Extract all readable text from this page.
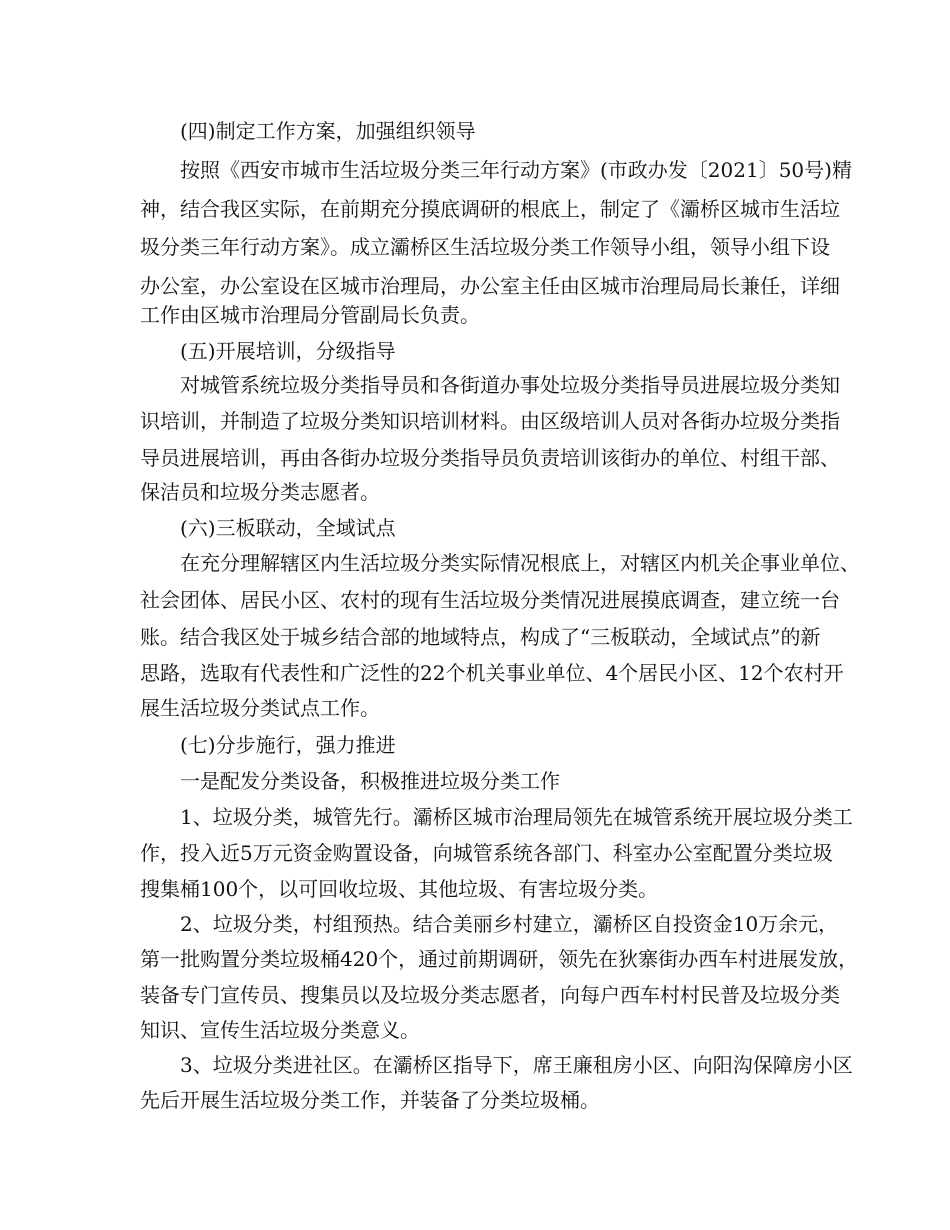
(四)制定工作方案，加强组织领导
按照《西安市城市生活垃圾分类三年行动方案》(市政办发〔2021〕50号)精
神，结合我区实际，在前期充分摸底调研的根底上，制定了《灞桥区城市生活垃
圾分类三年行动方案》。成立灞桥区生活垃圾分类工作领导小组，领导小组下设
办公室，办公室设在区城市治理局，办公室主任由区城市治理局局长兼任，详细
工作由区城市治理局分管副局长负责。
(五)开展培训，分级指导
对城管系统垃圾分类指导员和各街道办事处垃圾分类指导员进展垃圾分类知
识培训，并制造了垃圾分类知识培训材料。由区级培训人员对各街办垃圾分类指
导员进展培训，再由各街办垃圾分类指导员负责培训该街办的单位、村组干部、
保洁员和垃圾分类志愿者。
(六)三板联动，全域试点
在充分理解辖区内生活垃圾分类实际情况根底上，对辖区内机关企事业单位、
社会团体、居民小区、农村的现有生活垃圾分类情况进展摸底调查，建立统一台
账。结合我区处于城乡结合部的地域特点，构成了“三板联动，全域试点”的新
思路，选取有代表性和广泛性的22个机关事业单位、4个居民小区、12个农村开
展生活垃圾分类试点工作。
(七)分步施行，强力推进
一是配发分类设备，积极推进垃圾分类工作
1、垃圾分类，城管先行。灞桥区城市治理局领先在城管系统开展垃圾分类工
作，投入近5万元资金购置设备，向城管系统各部门、科室办公室配置分类垃圾
搜集桶100个，以可回收垃圾、其他垃圾、有害垃圾分类。
2、垃圾分类，村组预热。结合美丽乡村建立，灞桥区自投资金10万余元，
第一批购置分类垃圾桶420个，通过前期调研，领先在狄寨街办西车村进展发放，
装备专门宣传员、搜集员以及垃圾分类志愿者，向每户西车村村民普及垃圾分类
知识、宣传生活垃圾分类意义。
3、垃圾分类进社区。在灞桥区指导下，席王廉租房小区、向阳沟保障房小区
先后开展生活垃圾分类工作，并装备了分类垃圾桶。
